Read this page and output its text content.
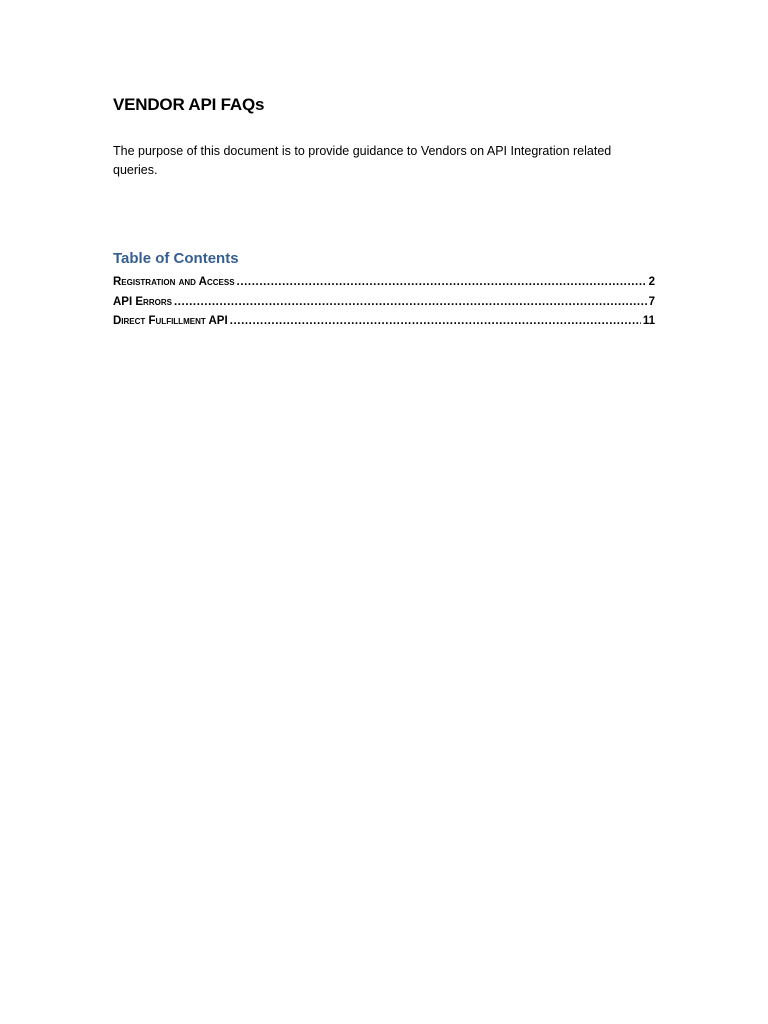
VENDOR API FAQs

The purpose of this document is to provide guidance to Vendors on API Integration related queries.

Table of Contents
Registration and Access .....	2
API Errors .....	7
Direct Fulfillment API .....	11
